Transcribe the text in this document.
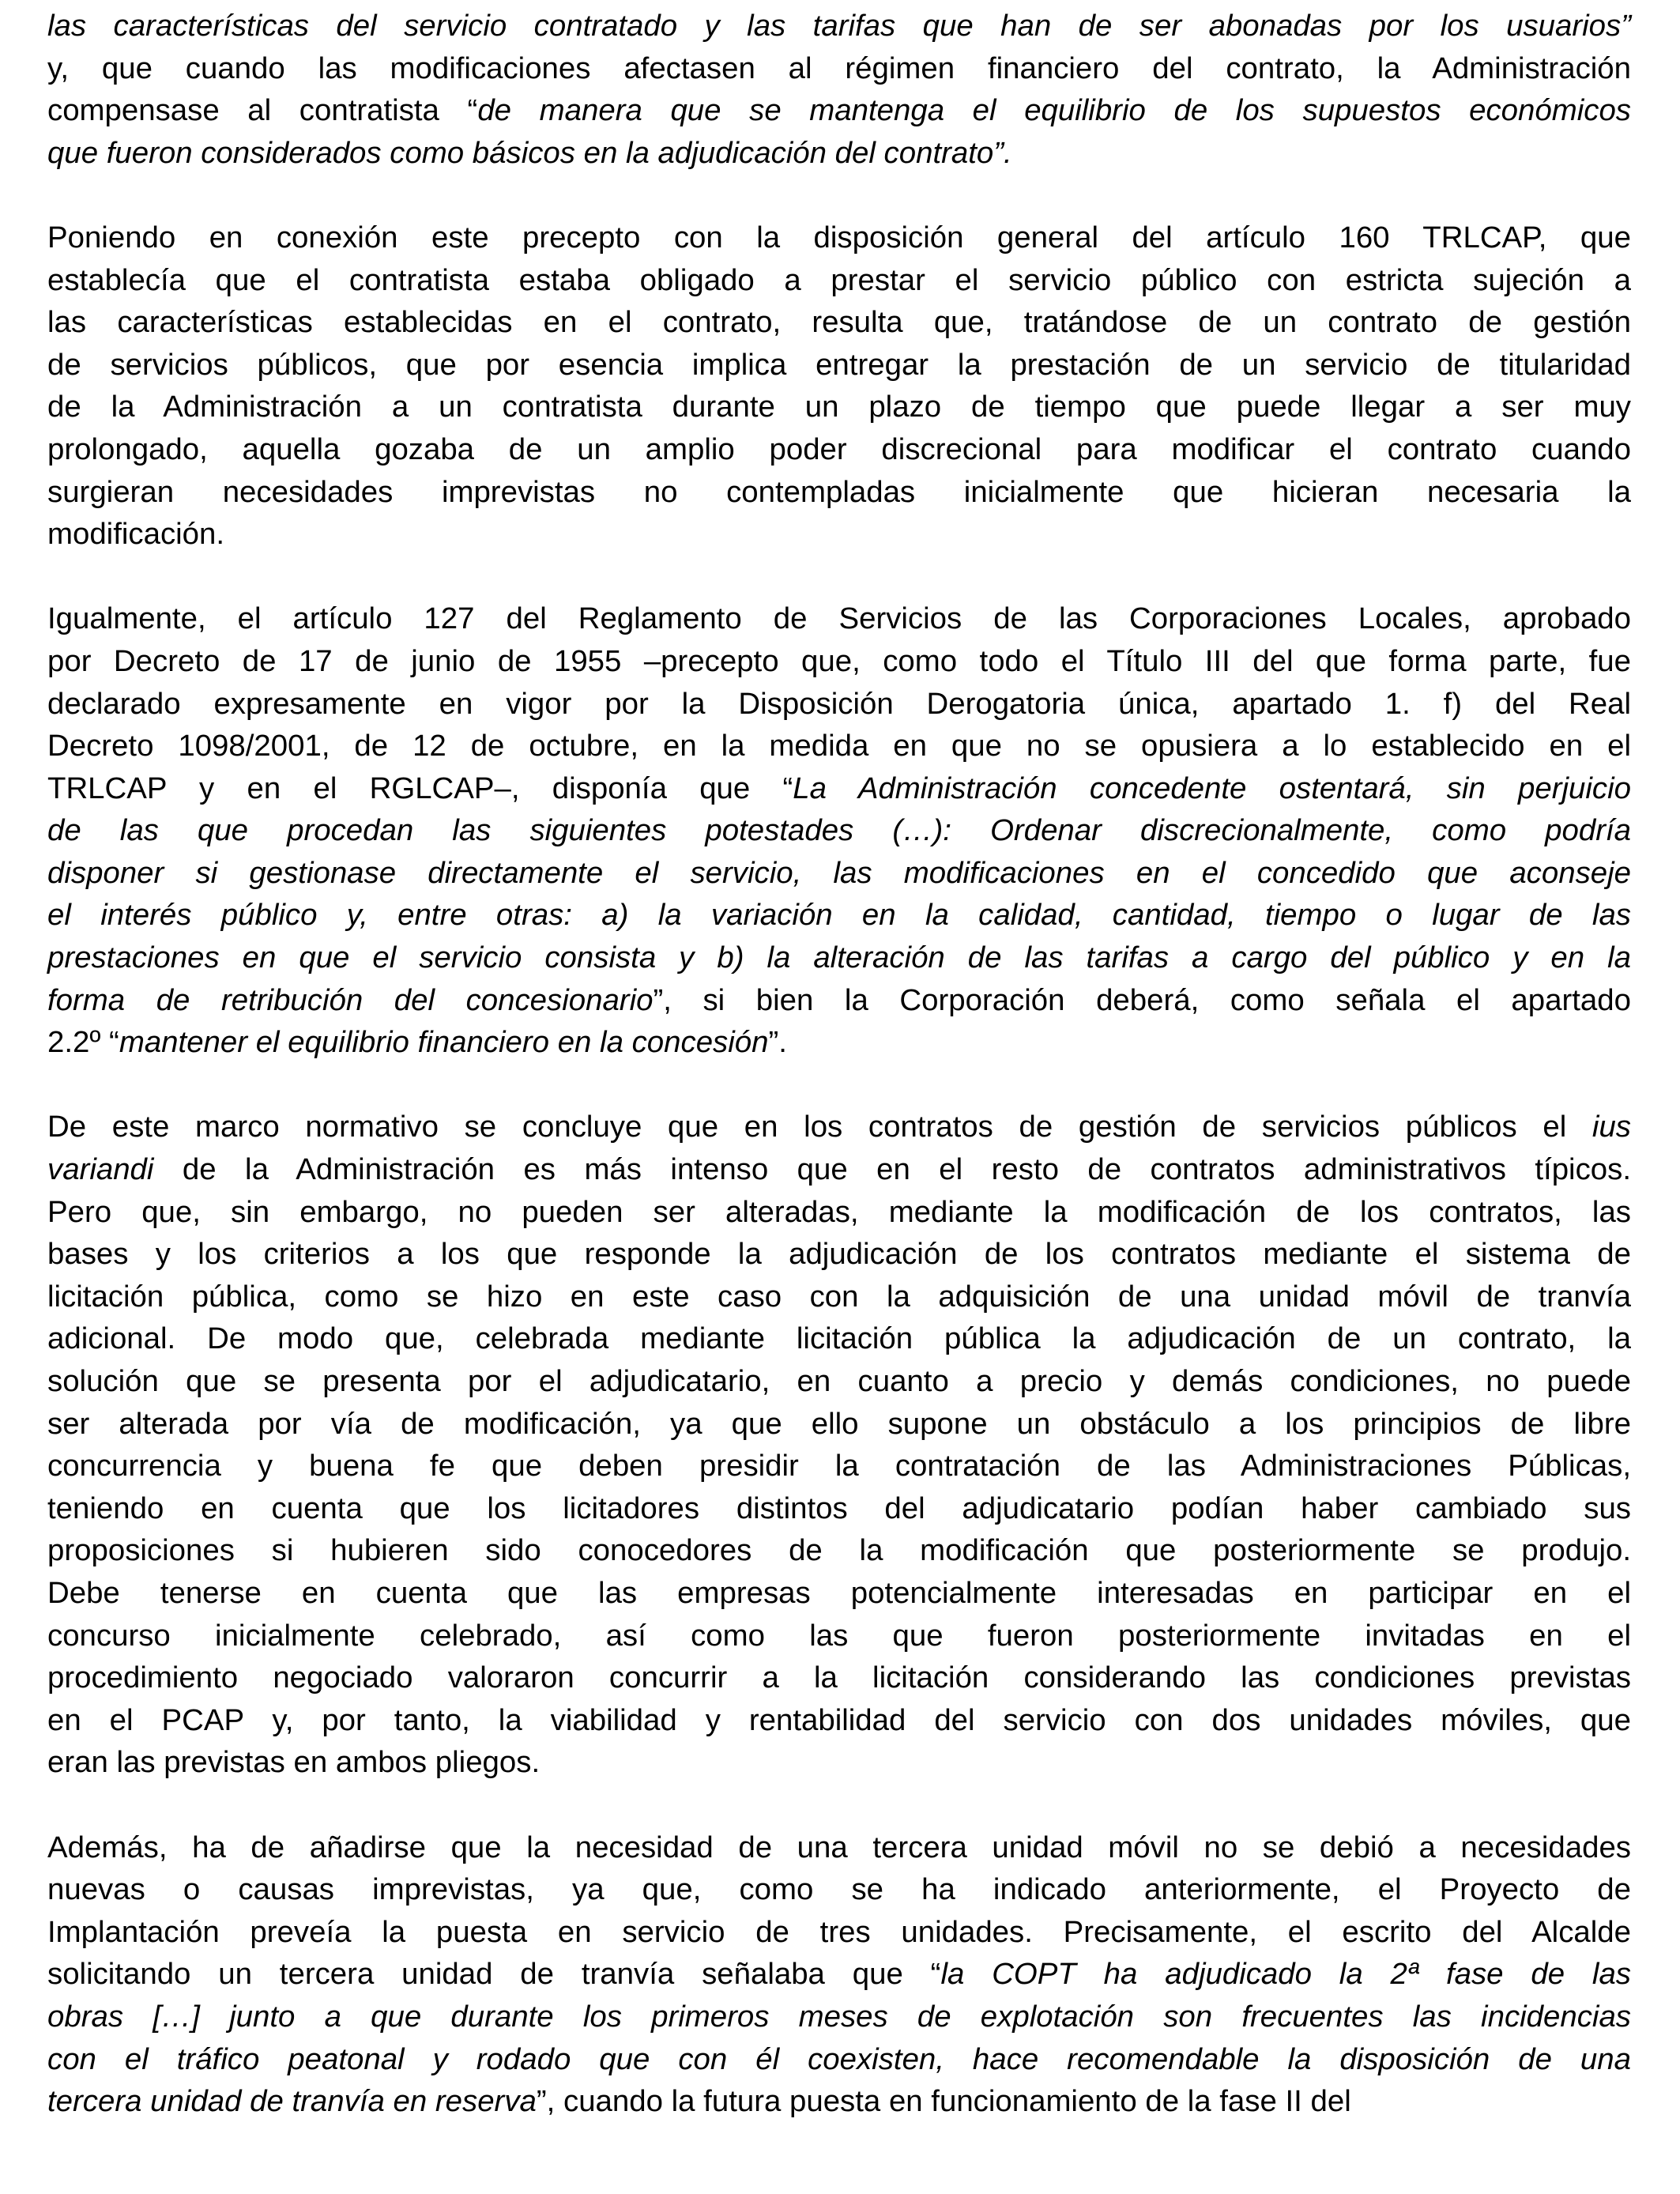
las características del servicio contratado y las tarifas que han de ser abonadas por los usuarios”
y, que cuando las modificaciones afectasen al régimen financiero del contrato, la Administración
compensase al contratista “de manera que se mantenga el equilibrio de los supuestos económicos
que fueron considerados como básicos en la adjudicación del contrato”.

Poniendo en conexión este precepto con la disposición general del artículo 160 TRLCAP, que
establecía que el contratista estaba obligado a prestar el servicio público con estricta sujeción a
las características establecidas en el contrato, resulta que, tratándose de un contrato de gestión
de servicios públicos, que por esencia implica entregar la prestación de un servicio de titularidad
de la Administración a un contratista durante un plazo de tiempo que puede llegar a ser muy
prolongado, aquella gozaba de un amplio poder discrecional para modificar el contrato cuando
surgieran necesidades imprevistas no contempladas inicialmente que hicieran necesaria la
modificación.

Igualmente, el artículo 127 del Reglamento de Servicios de las Corporaciones Locales, aprobado
por Decreto de 17 de junio de 1955 –precepto que, como todo el Título III del que forma parte, fue
declarado expresamente en vigor por la Disposición Derogatoria única, apartado 1. f) del Real
Decreto 1098/2001, de 12 de octubre, en la medida en que no se opusiera a lo establecido en el
TRLCAP y en el RGLCAP–, disponía que “La Administración concedente ostentará, sin perjuicio
de las que procedan las siguientes potestades (…): Ordenar discrecionalmente, como podría
disponer si gestionase directamente el servicio, las modificaciones en el concedido que aconseje
el interés público y, entre otras: a) la variación en la calidad, cantidad, tiempo o lugar de las
prestaciones en que el servicio consista y b) la alteración de las tarifas a cargo del público y en la
forma de retribución del concesionario”, si bien la Corporación deberá, como señala el apartado
2.2º “mantener el equilibrio financiero en la concesión”.

De este marco normativo se concluye que en los contratos de gestión de servicios públicos el ius
variandi de la Administración es más intenso que en el resto de contratos administrativos típicos.
Pero que, sin embargo, no pueden ser alteradas, mediante la modificación de los contratos, las
bases y los criterios a los que responde la adjudicación de los contratos mediante el sistema de
licitación pública, como se hizo en este caso con la adquisición de una unidad móvil de tranvía
adicional. De modo que, celebrada mediante licitación pública la adjudicación de un contrato, la
solución que se presenta por el adjudicatario, en cuanto a precio y demás condiciones, no puede
ser alterada por vía de modificación, ya que ello supone un obstáculo a los principios de libre
concurrencia y buena fe que deben presidir la contratación de las Administraciones Públicas,
teniendo en cuenta que los licitadores distintos del adjudicatario podían haber cambiado sus
proposiciones si hubieren sido conocedores de la modificación que posteriormente se produjo.
Debe tenerse en cuenta que las empresas potencialmente interesadas en participar en el
concurso inicialmente celebrado, así como las que fueron posteriormente invitadas en el
procedimiento negociado valoraron concurrir a la licitación considerando las condiciones previstas
en el PCAP y, por tanto, la viabilidad y rentabilidad del servicio con dos unidades móviles, que
eran las previstas en ambos pliegos.

Además, ha de añadirse que la necesidad de una tercera unidad móvil no se debió a necesidades
nuevas o causas imprevistas, ya que, como se ha indicado anteriormente, el Proyecto de
Implantación preveía la puesta en servicio de tres unidades. Precisamente, el escrito del Alcalde
solicitando un tercera unidad de tranvía señalaba que “la COPT ha adjudicado la 2ª fase de las
obras […] junto a que durante los primeros meses de explotación son frecuentes las incidencias
con el tráfico peatonal y rodado que con él coexisten, hace recomendable la disposición de una
tercera unidad de tranvía en reserva”, cuando la futura puesta en funcionamiento de la fase II del
